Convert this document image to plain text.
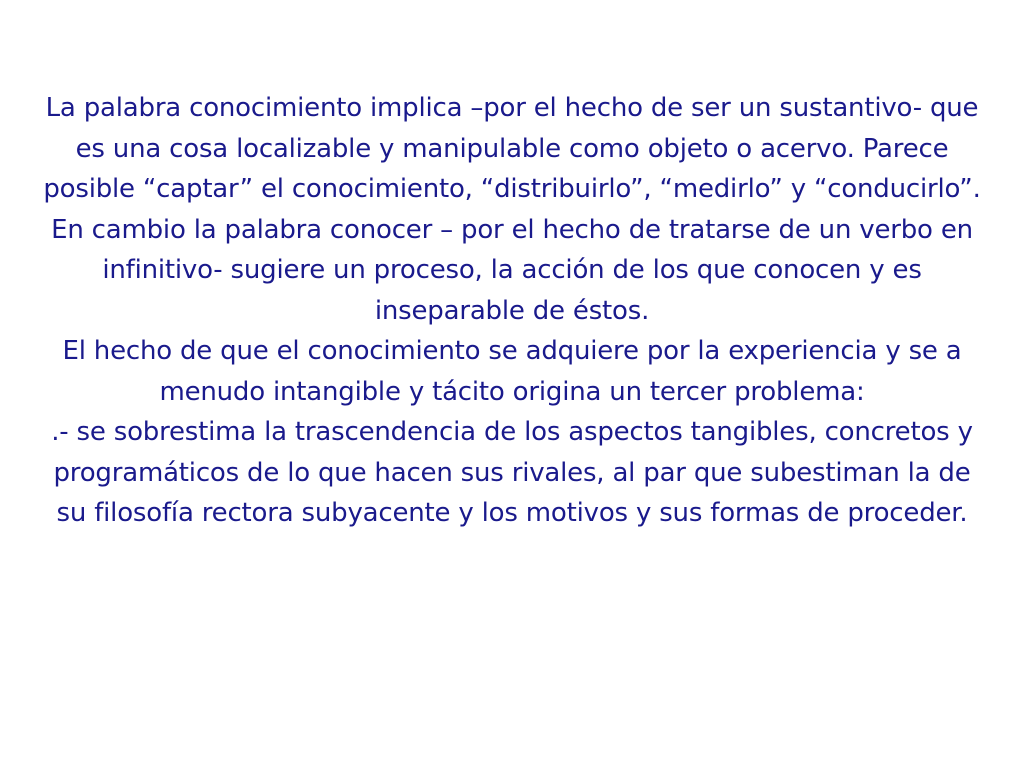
La palabra conocimiento implica –por el hecho de ser un sustantivo- que es una cosa localizable y manipulable como objeto o acervo. Parece posible “captar” el conocimiento, “distribuirlo”, “medirlo” y “conducirlo”. En cambio la palabra conocer – por el hecho de tratarse de un verbo en infinitivo- sugiere un proceso, la acción de los que conocen y es inseparable de éstos.

El hecho de que el conocimiento se adquiere por la experiencia y se a menudo intangible y tácito origina un tercer problema:

.- se sobrestima la trascendencia de los aspectos tangibles, concretos y programáticos de lo que hacen sus rivales, al par que subestiman la de su filosofía rectora subyacente y los motivos y sus formas de proceder.
